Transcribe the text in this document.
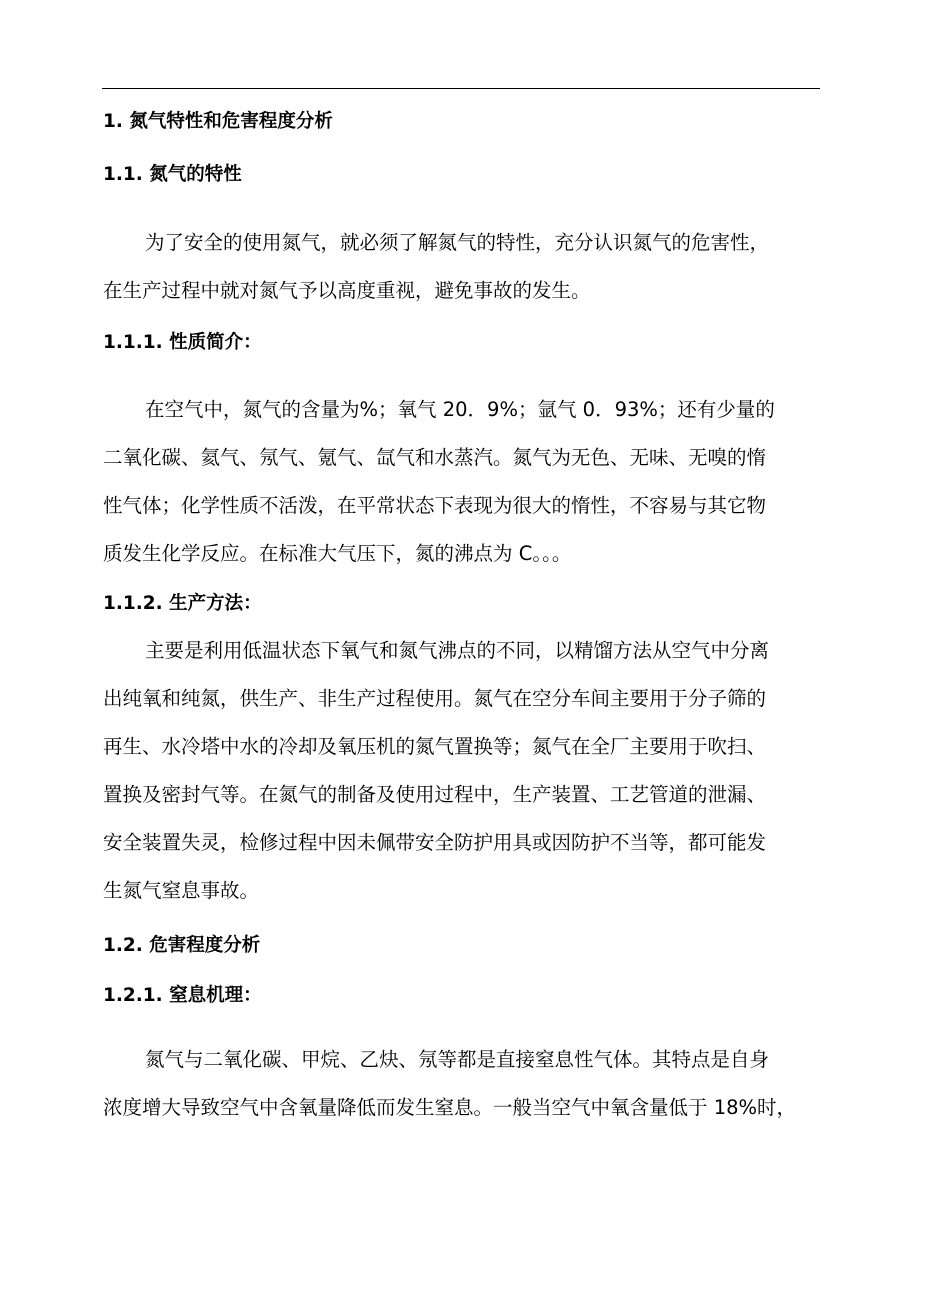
1. 氮气特性和危害程度分析
1.1. 氮气的特性
为了安全的使用氮气，就必须了解氮气的特性，充分认识氮气的危害性，
在生产过程中就对氮气予以高度重视，避免事故的发生。
1.1.1. 性质简介：
在空气中，氮气的含量为%；氧气 20．9%；氩气 0．93%；还有少量的
二氧化碳、氦气、氖气、氪气、氙气和水蒸汽。氮气为无色、无味、无嗅的惰
性气体；化学性质不活泼，在平常状态下表现为很大的惰性，不容易与其它物
质发生化学反应。在标准大气压下，氮的沸点为 C。。。
1.1.2. 生产方法：
主要是利用低温状态下氧气和氮气沸点的不同，以精馏方法从空气中分离
出纯氧和纯氮，供生产、非生产过程使用。氮气在空分车间主要用于分子筛的
再生、水冷塔中水的冷却及氧压机的氮气置换等；氮气在全厂主要用于吹扫、
置换及密封气等。在氮气的制备及使用过程中，生产装置、工艺管道的泄漏、
安全装置失灵，检修过程中因未佩带安全防护用具或因防护不当等，都可能发
生氮气窒息事故。
1.2. 危害程度分析
1.2.1. 窒息机理：
氮气与二氧化碳、甲烷、乙炔、氖等都是直接窒息性气体。其特点是自身
浓度增大导致空气中含氧量降低而发生窒息。一般当空气中氧含量低于 18%时，
